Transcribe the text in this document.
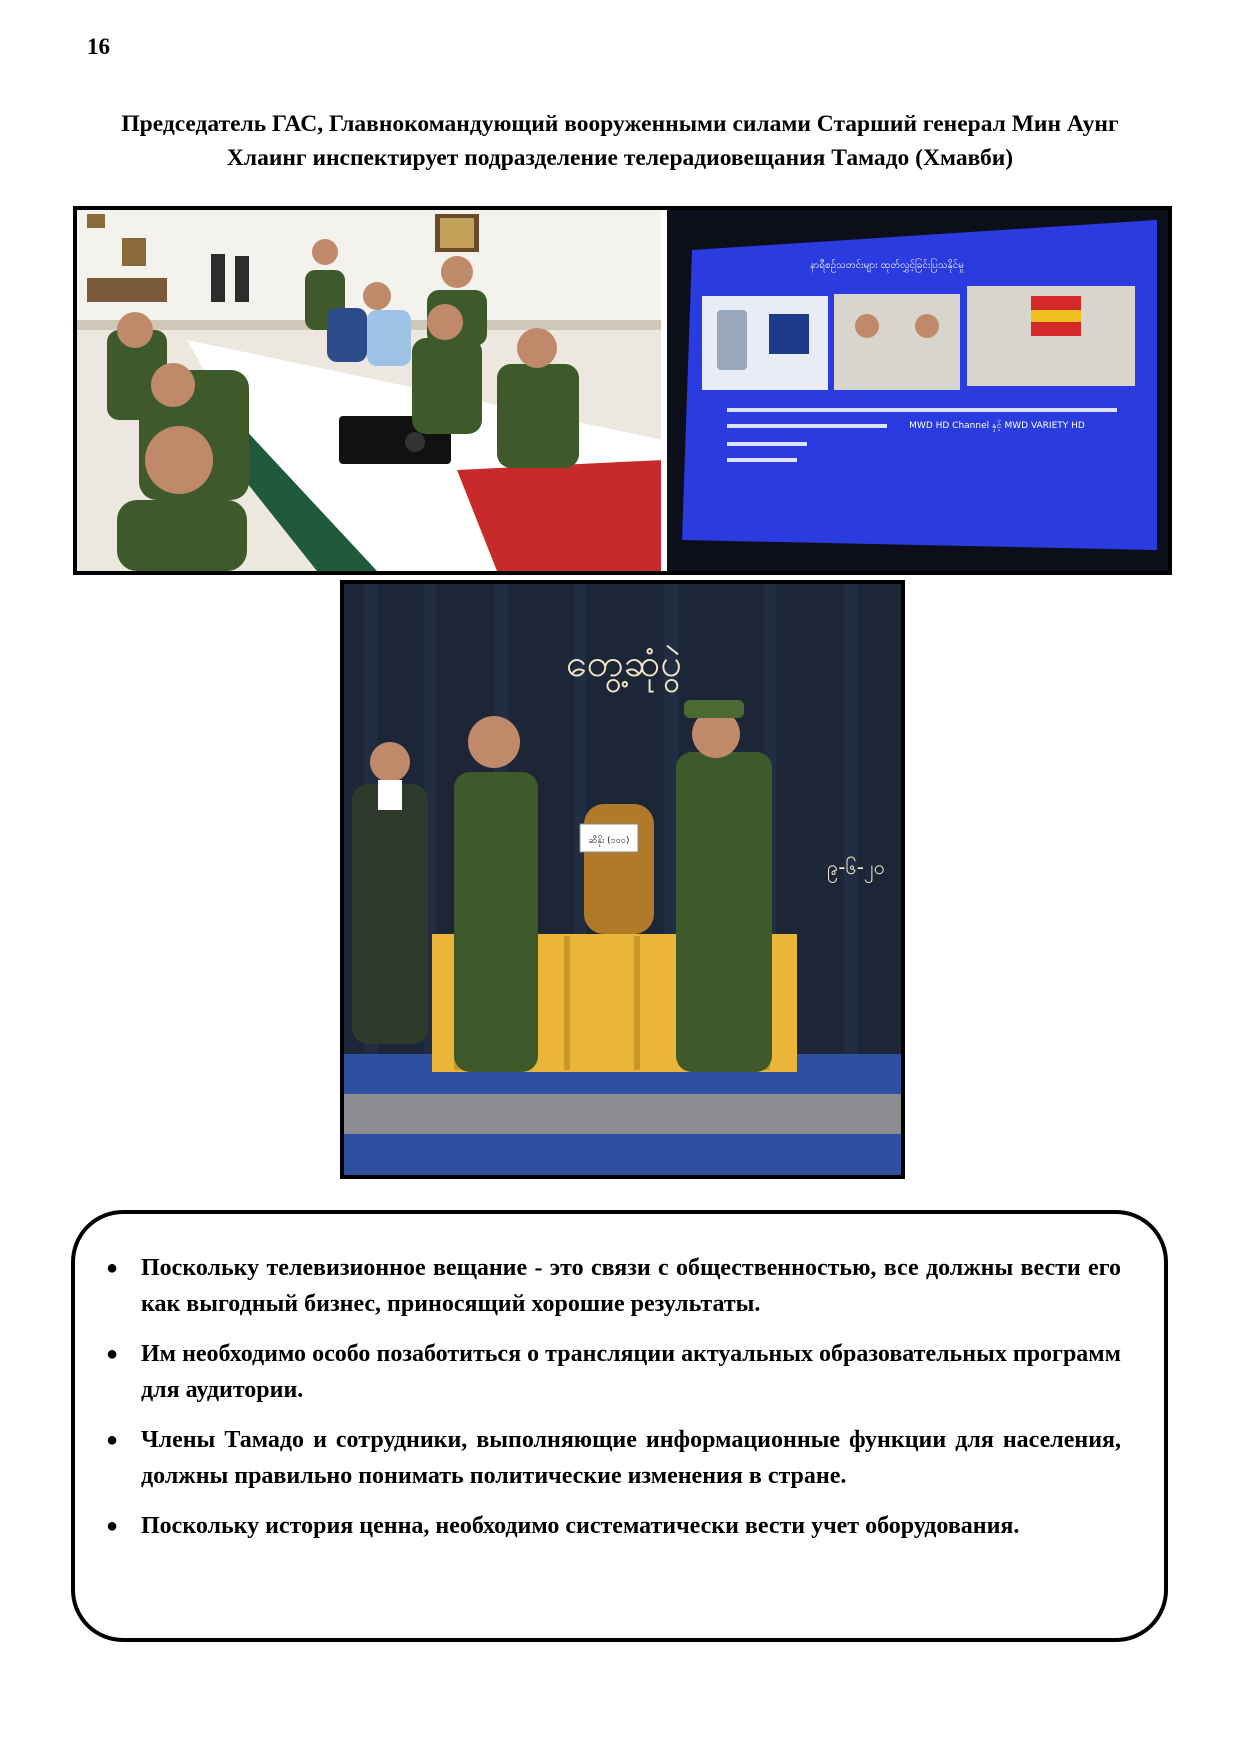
16
Председатель ГАС, Главнокомандующий вооруженными силами Старший генерал Мин Аунг
Хлаинг инспектирует подразделение телерадиовещания Тамадо (Хмавби)
နာရီစဉ်သတင်းများ ထုတ်လွှင့်ခြင်းပြသနိုင်မှု
MWD HD Channel နှင့် MWD VARIETY HD
တွေ့ဆုံပွဲ
၉-၆-၂၀
ဆီနိုး (၁၀၀)
● Поскольку телевизионное вещание - это связи с общественностью, все должны вести его как выгодный бизнес, приносящий хорошие результаты.
● Им необходимо особо позаботиться о трансляции актуальных образовательных программ для аудитории.
● Члены Тамадо и сотрудники, выполняющие информационные функции для населения, должны правильно понимать политические изменения в стране.
● Поскольку история ценна, необходимо систематически вести учет оборудования.
